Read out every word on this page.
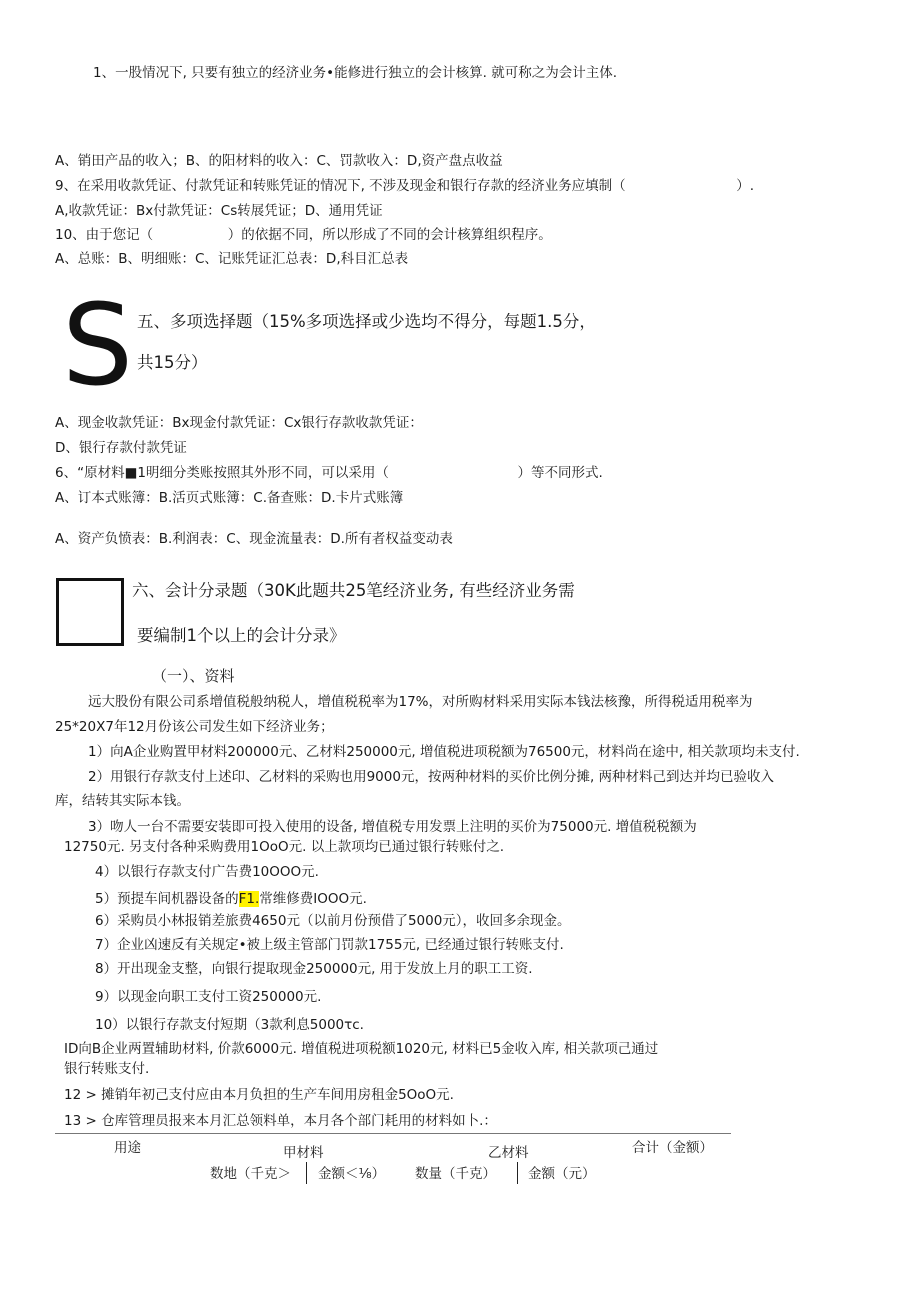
1、一股情况下, 只要有独立的经济业务•能修进行独立的会计核算. 就可称之为会计主体.
A、销田产品的收入；B、的阳材料的收入：C、罚款收入：D,资产盘点收益
9、在采用收款凭证、付款凭证和转账凭证的情况下, 不涉及现金和银行存款的经济业务应填制（	）.
A,收款凭证：Bx付款凭证：Cs转展凭证；D、通用凭证
10、由于您记（	）的依据不同，所以形成了不同的会计核算组织程序。
A、总账：B、明细账：C、记账凭证汇总表：D,科目汇总表
S 五、多项选择题（15%多项选择或少选均不得分，每题1.5分，
共15分）
A、现金收款凭证：Bx现金付款凭证：Cx银行存款收款凭证：
D、银行存款付款凭证
6、“原材料■1明细分类账按照其外形不同，可以采用（	）等不同形式.
A、订本式账簿：B.活页式账簿：C.备查账：D.卡片式账簿
A、资产负愤表：B.利润表：C、现金流量表：D.所有者权益变动表
六、会计分录题（30K此题共25笔经济业务, 有些经济业务需
要编制1个以上的会计分录》
（一）、资料
远大股份有限公司系增值税般纳税人，增值税税率为17%，对所购材料采用实际本钱法核豫，所得税适用税率为
25*20X7年12月份该公司发生如下经济业务；
1）向A企业购置甲材料200000元、乙材料250000元, 增值税进项税额为76500元，材料尚在途中, 相关款项均未支付.
2）用银行存款支付上述印、乙材料的采购也用9000元，按两种材料的买价比例分摊, 两种材料己到达并均已验收入
库，结转其实际本钱。
3）吻人一台不需要安装即可投入使用的设备, 增值税专用发票上注明的买价为75000元. 增值税税额为
12750元. 另支付各种采购费用1OoO元. 以上款项均已通过银行转账付之.
4）以银行存款支付广告费10OOO元.
5）预提车间机器设备的F1.常维修费IOOO元.
6）采购员小林报销差旅费4650元（以前月份预借了5000元），收回多余现金。
7）企业凶速反有关规定•被上级主管部门罚款1755元, 已经通过银行转账支付.
8）开出现金支整，向银行提取现金250000元, 用于发放上月的职工工资.
9）以现金向职工支付工资250000元.
10）以银行存款支付短期（3款利息5000τc.
ID向B企业两置辅助材料, 价款6000元. 增值税进项税额1020元, 材料已5金收入库, 相关款项己通过
银行转账支付.
12 > 摊销年初己支付应由本月负担的生产车间用房租金5OoO元.
13 > 仓库管理员报来本月汇总领料单，本月各个部门耗用的材料如卜.：
用途	甲材料	乙材料	合计（金额）
数地（千克＞ 金额＜⅛） 数量（千克） 金额（元）
